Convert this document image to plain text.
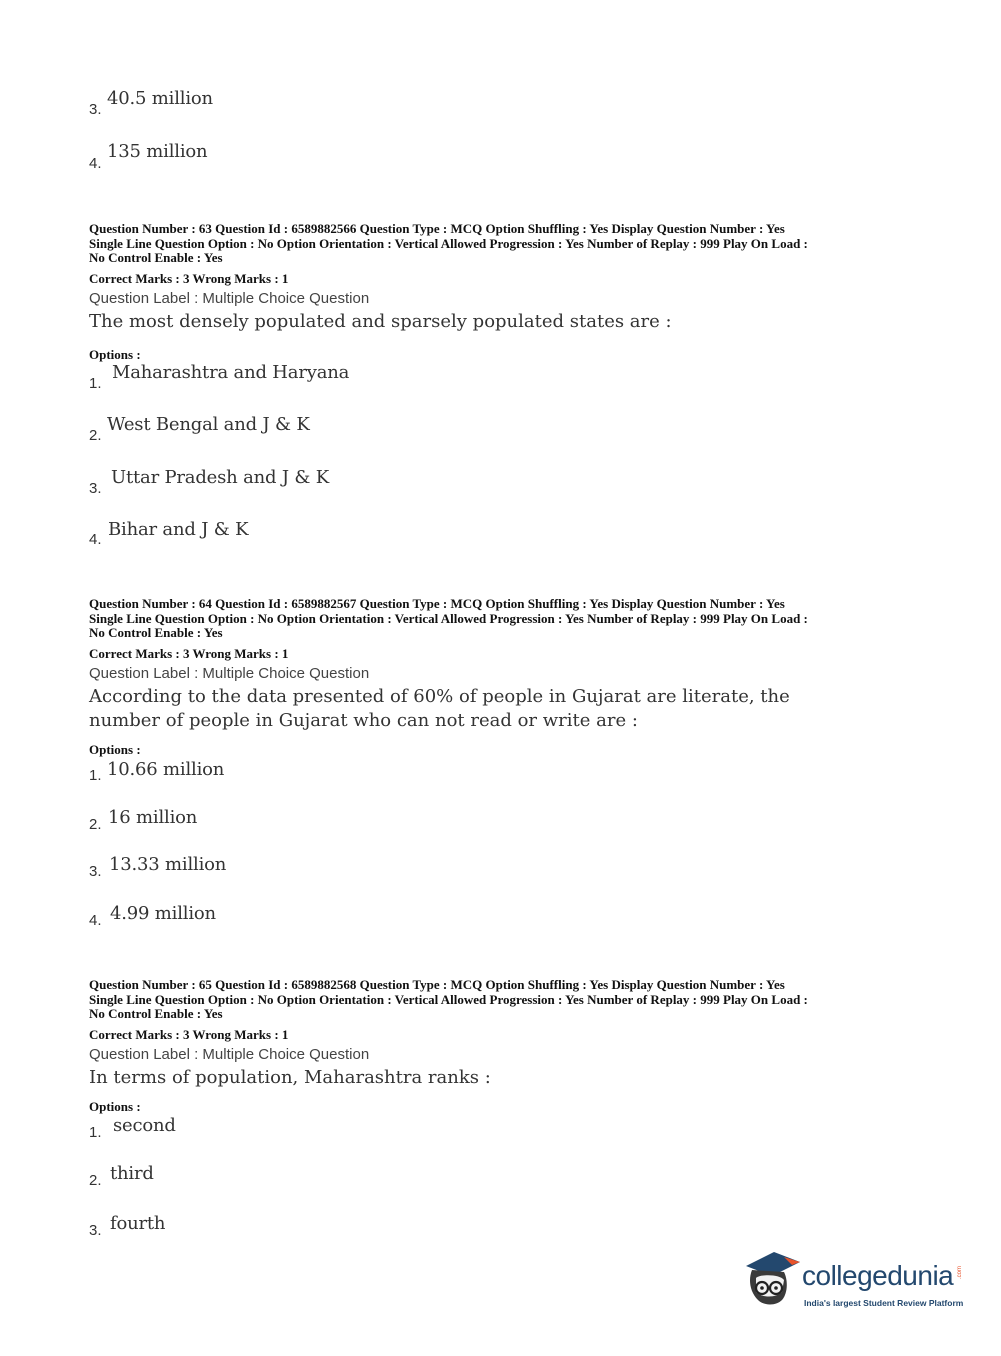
3.
40.5 million
4.
135 million
Question Number : 63 Question Id : 6589882566 Question Type : MCQ Option Shuffling : Yes Display Question Number : Yes
Single Line Question Option : No Option Orientation : Vertical Allowed Progression : Yes Number of Replay : 999 Play On Load :
No Control Enable : Yes
Correct Marks : 3 Wrong Marks : 1
Question Label : Multiple Choice Question
The most densely populated and sparsely populated states are :
Options :
1.
Maharashtra and Haryana
2.
West Bengal and J & K
3.
Uttar Pradesh and J & K
4. Bihar and J & K
Question Number : 64 Question Id : 6589882567 Question Type : MCQ Option Shuffling : Yes Display Question Number : Yes
Single Line Question Option : No Option Orientation : Vertical Allowed Progression : Yes Number of Replay : 999 Play On Load :
No Control Enable : Yes
Correct Marks : 3 Wrong Marks : 1
Question Label : Multiple Choice Question
According to the data presented of 60% of people in Gujarat are literate, the
number of people in Gujarat who can not read or write are :
Options :
1. 10.66 million
2. 16 million
3. 13.33 million
4. 4.99 million
Question Number : 65 Question Id : 6589882568 Question Type : MCQ Option Shuffling : Yes Display Question Number : Yes
Single Line Question Option : No Option Orientation : Vertical Allowed Progression : Yes Number of Replay : 999 Play On Load :
No Control Enable : Yes
Correct Marks : 3 Wrong Marks : 1
Question Label : Multiple Choice Question
In terms of population, Maharashtra ranks :
Options :
1. second
2. third
3. fourth
collegedunia .com
India's largest Student Review Platform
